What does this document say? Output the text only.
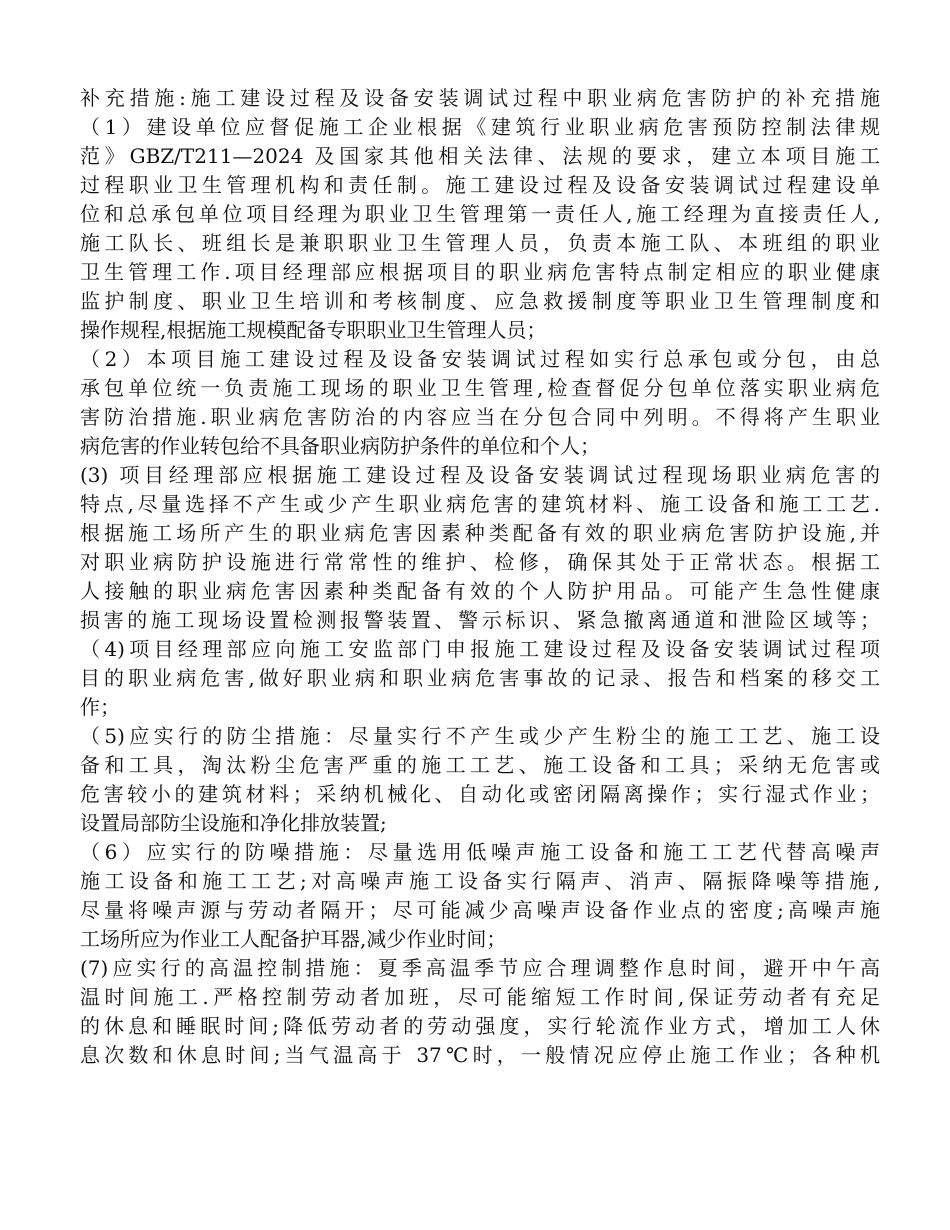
补充措施:施工建设过程及设备安装调试过程中职业病危害防护的补充措施
（1）建设单位应督促施工企业根据《建筑行业职业病危害预防控制法律规
范》GBZ/T211—2024 及国家其他相关法律、法规的要求，建立本项目施工
过程职业卫生管理机构和责任制。施工建设过程及设备安装调试过程建设单
位和总承包单位项目经理为职业卫生管理第一责任人,施工经理为直接责任人,
施工队长、班组长是兼职职业卫生管理人员，负责本施工队、本班组的职业
卫生管理工作.项目经理部应根据项目的职业病危害特点制定相应的职业健康
监护制度、职业卫生培训和考核制度、应急救援制度等职业卫生管理制度和
操作规程,根据施工规模配备专职职业卫生管理人员；
（2）本项目施工建设过程及设备安装调试过程如实行总承包或分包，由总
承包单位统一负责施工现场的职业卫生管理,检查督促分包单位落实职业病危
害防治措施.职业病危害防治的内容应当在分包合同中列明。不得将产生职业
病危害的作业转包给不具备职业病防护条件的单位和个人；
(3) 项目经理部应根据施工建设过程及设备安装调试过程现场职业病危害的
特点,尽量选择不产生或少产生职业病危害的建筑材料、施工设备和施工工艺.
根据施工场所产生的职业病危害因素种类配备有效的职业病危害防护设施,并
对职业病防护设施进行常常性的维护、检修，确保其处于正常状态。根据工
人接触的职业病危害因素种类配备有效的个人防护用品。可能产生急性健康
损害的施工现场设置检测报警装置、警示标识、紧急撤离通道和泄险区域等；
（4)项目经理部应向施工安监部门申报施工建设过程及设备安装调试过程项
目的职业病危害,做好职业病和职业病危害事故的记录、报告和档案的移交工
作；
（5)应实行的防尘措施：尽量实行不产生或少产生粉尘的施工工艺、施工设
备和工具，淘汰粉尘危害严重的施工工艺、施工设备和工具；采纳无危害或
危害较小的建筑材料；采纳机械化、自动化或密闭隔离操作；实行湿式作业；
设置局部防尘设施和净化排放装置;
（6）应实行的防噪措施：尽量选用低噪声施工设备和施工工艺代替高噪声
施工设备和施工工艺;对高噪声施工设备实行隔声、消声、隔振降噪等措施,
尽量将噪声源与劳动者隔开；尽可能减少高噪声设备作业点的密度;高噪声施
工场所应为作业工人配备护耳器,减少作业时间；
(7)应实行的高温控制措施：夏季高温季节应合理调整作息时间，避开中午高
温时间施工.严格控制劳动者加班，尽可能缩短工作时间,保证劳动者有充足
的休息和睡眠时间;降低劳动者的劳动强度，实行轮流作业方式，增加工人休
息次数和休息时间;当气温高于 37℃时，一般情况应停止施工作业；各种机
